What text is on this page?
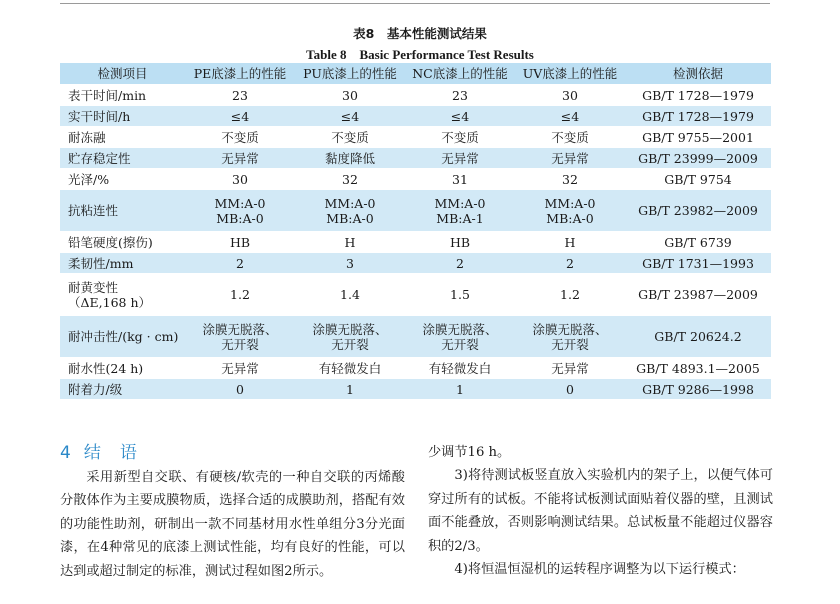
表8　基本性能测试结果
Table 8　Basic Performance Test Results
检测项目	PE底漆上的性能	PU底漆上的性能	NC底漆上的性能	UV底漆上的性能	检测依据
表干时间/min	23	30	23	30	GB/T 1728—1979
实干时间/h	≤4	≤4	≤4	≤4	GB/T 1728—1979
耐冻融	不变质	不变质	不变质	不变质	GB/T 9755—2001
贮存稳定性	无异常	黏度降低	无异常	无异常	GB/T 23999—2009
光泽/%	30	32	31	32	GB/T 9754
抗粘连性	MM:A-0
MB:A-0	MM:A-0
MB:A-0	MM:A-0
MB:A-1	MM:A-0
MB:A-0	GB/T 23982—2009
铅笔硬度(擦伤)	HB	H	HB	H	GB/T 6739
柔韧性/mm	2	3	2	2	GB/T 1731—1993
耐黄变性
（ΔE,168 h）	1.2	1.4	1.5	1.2	GB/T 23987—2009
耐冲击性/(kg · cm)	涂膜无脱落、
无开裂	涂膜无脱落、
无开裂	涂膜无脱落、
无开裂	涂膜无脱落、
无开裂	GB/T 20624.2
耐水性(24 h)	无异常	有轻微发白	有轻微发白	无异常	GB/T 4893.1—2005
附着力/级	0	1	1	0	GB/T 9286—1998
4 结　语

采用新型自交联、有硬核/软壳的一种自交联的丙烯酸分散体作为主要成膜物质，选择合适的成膜助剂，搭配有效的功能性助剂，研制出一款不同基材用水性单组分3分光面漆，在4种常见的底漆上测试性能，均有良好的性能，可以达到或超过制定的标准，测试过程如图2所示。

少调节16 h。

3)将待测试板竖直放入实验机内的架子上，以便气体可穿过所有的试板。不能将试板测试面贴着仪器的壁，且测试面不能叠放，否则影响测试结果。总试板量不能超过仪器容积的2/3。

4)将恒温恒湿机的运转程序调整为以下运行模式：
